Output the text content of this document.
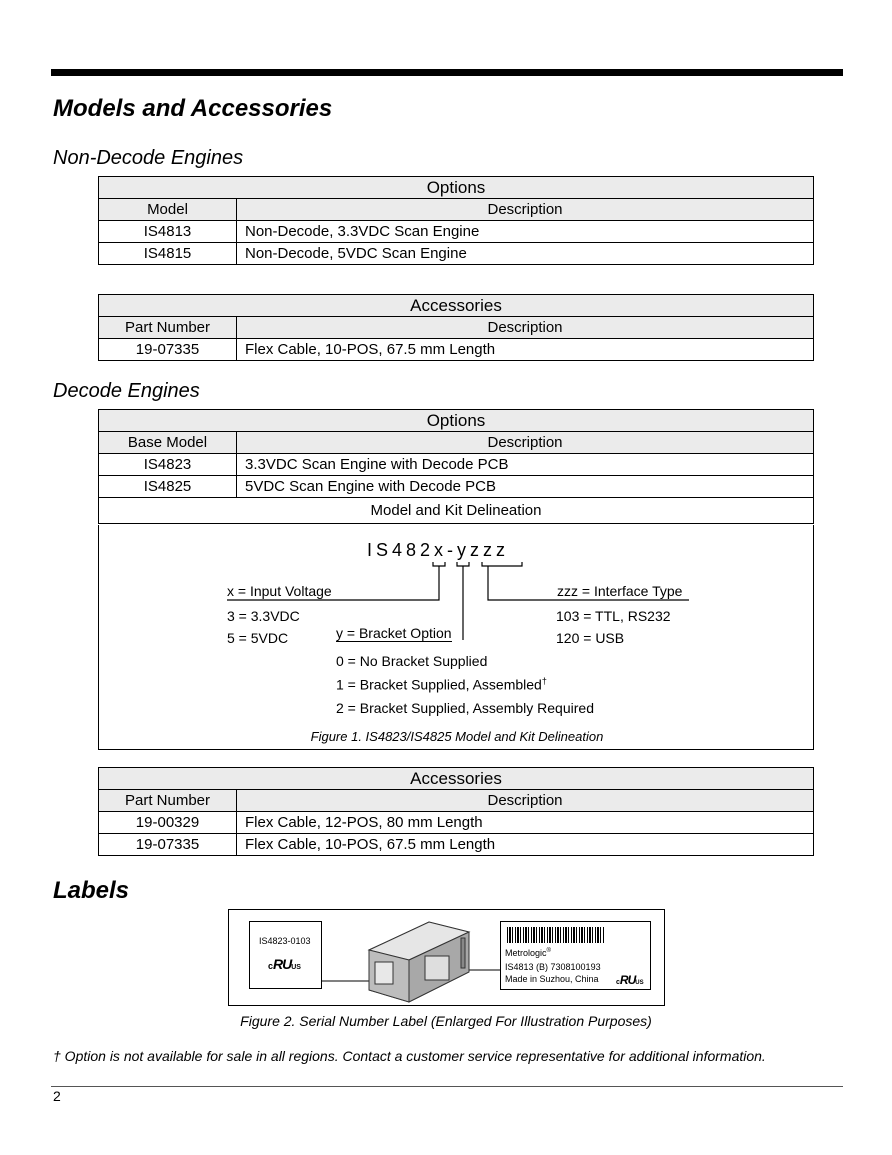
Models and Accessories
Non-Decode Engines
Options	
Model	Description
IS4813	Non-Decode, 3.3VDC Scan Engine
IS4815	Non-Decode, 5VDC Scan Engine
Accessories	
Part Number	Description
19-07335	Flex Cable, 10-POS, 67.5 mm Length
Decode Engines
Options	
Base Model	Description
IS4823	3.3VDC Scan Engine with Decode PCB
IS4825	5VDC Scan Engine with Decode PCB
Model and Kit Delineation	
IS482x-yzzz
x = Input Voltage
3 = 3.3VDC
5 = 5VDC	y = Bracket Option
0 = No Bracket Supplied
1 = Bracket Supplied, Assembled†
2 = Bracket Supplied, Assembly Required
zzz = Interface Type
103 = TTL, RS232
120 = USB
Figure 1. IS4823/IS4825 Model and Kit Delineation
Accessories	
Part Number	Description
19-00329	Flex Cable, 12-POS, 80 mm Length
19-07335	Flex Cable, 10-POS, 67.5 mm Length
Labels
IS4823-0103
cRUUS
Metrologic®
IS4813 (B) 7308100193
Made in Suzhou, China cRUUS
Figure 2. Serial Number Label (Enlarged For Illustration Purposes)
† Option is not available for sale in all regions. Contact a customer service representative for additional information.
2
